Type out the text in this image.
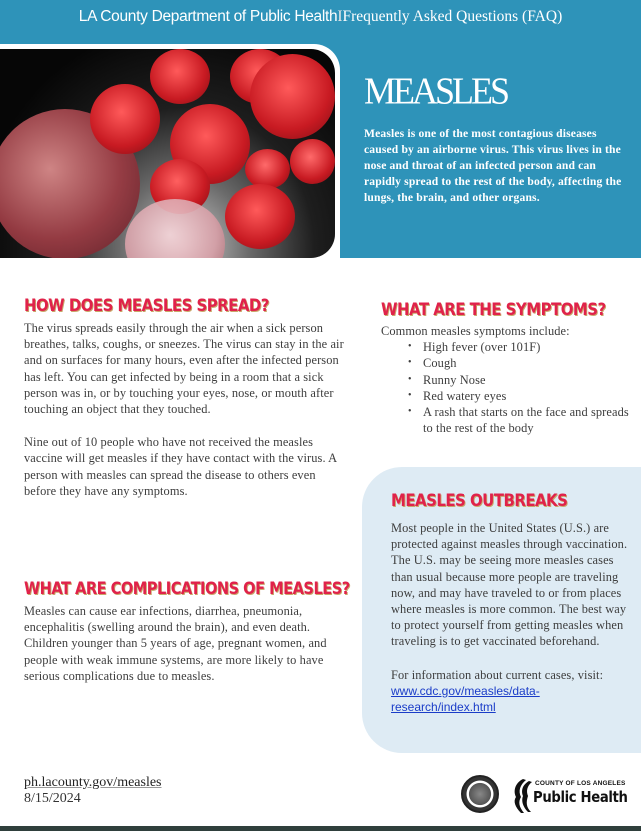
LA County Department of Public HealthIFrequently Asked Questions (FAQ)
MEASLES

Measles is one of the most contagious diseases caused by an airborne virus. This virus lives in the nose and throat of an infected person and can rapidly spread to the rest of the body, affecting the lungs, the brain, and other organs.

HOW DOES MEASLES SPREAD?

The virus spreads easily through the air when a sick person breathes, talks, coughs, or sneezes. The virus can stay in the air and on surfaces for many hours, even after the infected person has left. You can get infected by being in a room that a sick person was in, or by touching your eyes, nose, or mouth after touching an object that they touched.

Nine out of 10 people who have not received the measles vaccine will get measles if they have contact with the virus. A person with measles can spread the disease to others even before they have any symptoms.

WHAT ARE THE SYMPTOMS?

Common measles symptoms include:

• High fever (over 101F)
• Cough
• Runny Nose
• Red watery eyes
• A rash that starts on the face and spreads to the rest of the body
WHAT ARE COMPLICATIONS OF MEASLES?

Measles can cause ear infections, diarrhea, pneumonia, encephalitis (swelling around the brain), and even death. Children younger than 5 years of age, pregnant women, and people with weak immune systems, are more likely to have serious complications due to measles.

MEASLES OUTBREAKS

Most people in the United States (U.S.) are protected against measles through vaccination. The U.S. may be seeing more measles cases than usual because more people are traveling now, and may have traveled to or from places where measles is more common. The best way to protect yourself from getting measles when traveling is to get vaccinated beforehand.

For information about current cases, visit:

www.cdc.gov/measles/data-
research/index.html
ph.lacounty.gov/measles
8/15/2024
COUNTY OF LOS ANGELES
Public Health
